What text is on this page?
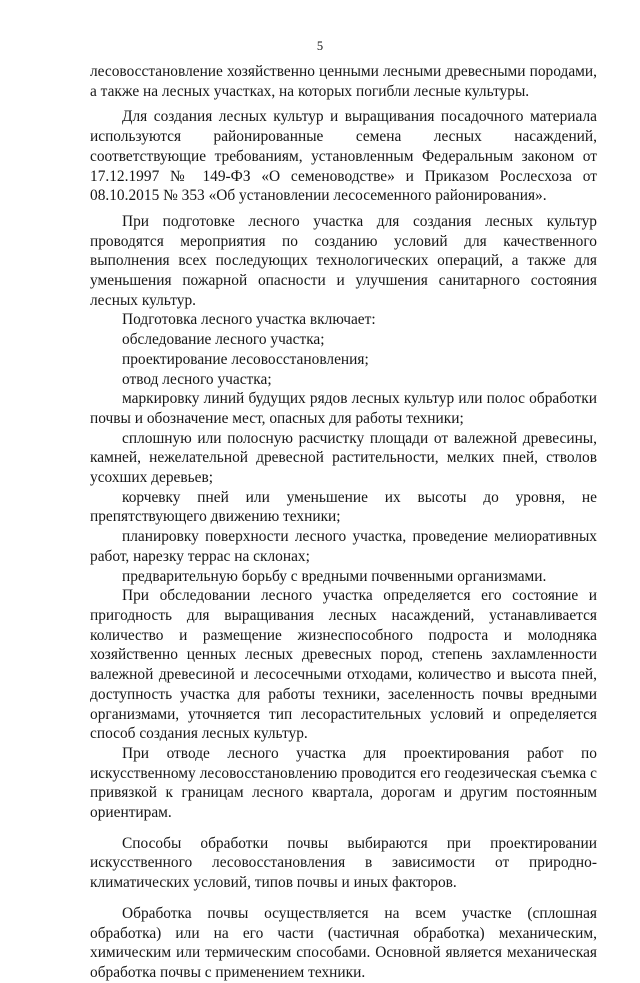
5

лесовосстановление хозяйственно ценными лесными древесными породами, а также на лесных участках, на которых погибли лесные культуры.

Для создания лесных культур и выращивания посадочного материала используются районированные семена лесных насаждений, соответствующие требованиям, установленным Федеральным законом от 17.12.1997 № 149-ФЗ «О семеноводстве» и Приказом Рослесхоза от 08.10.2015 № 353 «Об установлении лесосеменного районирования».

При подготовке лесного участка для создания лесных культур проводятся мероприятия по созданию условий для качественного выполнения всех последующих технологических операций, а также для уменьшения пожарной опасности и улучшения санитарного состояния лесных культур.

Подготовка лесного участка включает:

обследование лесного участка;

проектирование лесовосстановления;

отвод лесного участка;

маркировку линий будущих рядов лесных культур или полос обработки почвы и обозначение мест, опасных для работы техники;

сплошную или полосную расчистку площади от валежной древесины, камней, нежелательной древесной растительности, мелких пней, стволов усохших деревьев;

корчевку пней или уменьшение их высоты до уровня, не препятствующего движению техники;

планировку поверхности лесного участка, проведение мелиоративных работ, нарезку террас на склонах;

предварительную борьбу с вредными почвенными организмами.

При обследовании лесного участка определяется его состояние и пригодность для выращивания лесных насаждений, устанавливается количество и размещение жизнеспособного подроста и молодняка хозяйственно ценных лесных древесных пород, степень захламленности валежной древесиной и лесосечными отходами, количество и высота пней, доступность участка для работы техники, заселенность почвы вредными организмами, уточняется тип лесорастительных условий и определяется способ создания лесных культур.

При отводе лесного участка для проектирования работ по искусственному лесовосстановлению проводится его геодезическая съемка с привязкой к границам лесного квартала, дорогам и другим постоянным ориентирам.

Способы обработки почвы выбираются при проектировании искусственного лесовосстановления в зависимости от природно-климатических условий, типов почвы и иных факторов.

Обработка почвы осуществляется на всем участке (сплошная обработка) или на его части (частичная обработка) механическим, химическим или термическим способами. Основной является механическая обработка почвы с применением техники.
